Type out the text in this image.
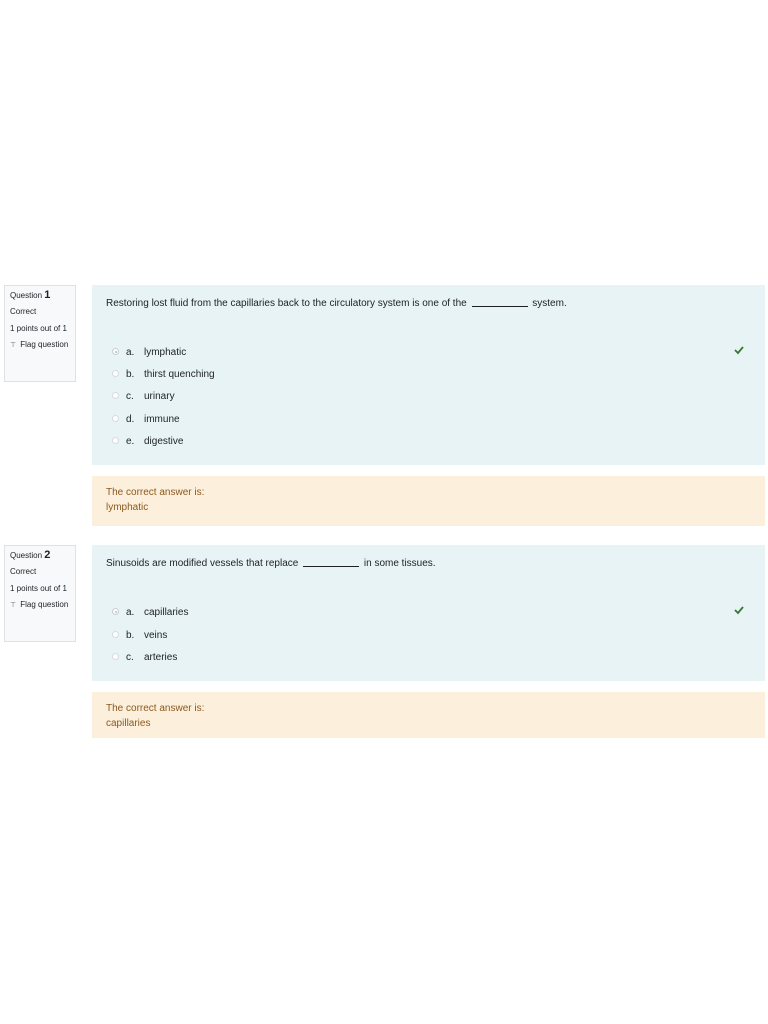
Question 1
Correct
1 points out of 1
⊤ Flag question
Restoring lost fluid from the capillaries back to the circulatory system is one of the	system.
a. lymphatic
b. thirst quenching
c. urinary
d. immune
e. digestive
The correct answer is:
lymphatic
Question 2
Correct
1 points out of 1
⊤ Flag question
Sinusoids are modified vessels that replace	in some tissues.
a. capillaries
b. veins
c. arteries
The correct answer is:
capillaries
